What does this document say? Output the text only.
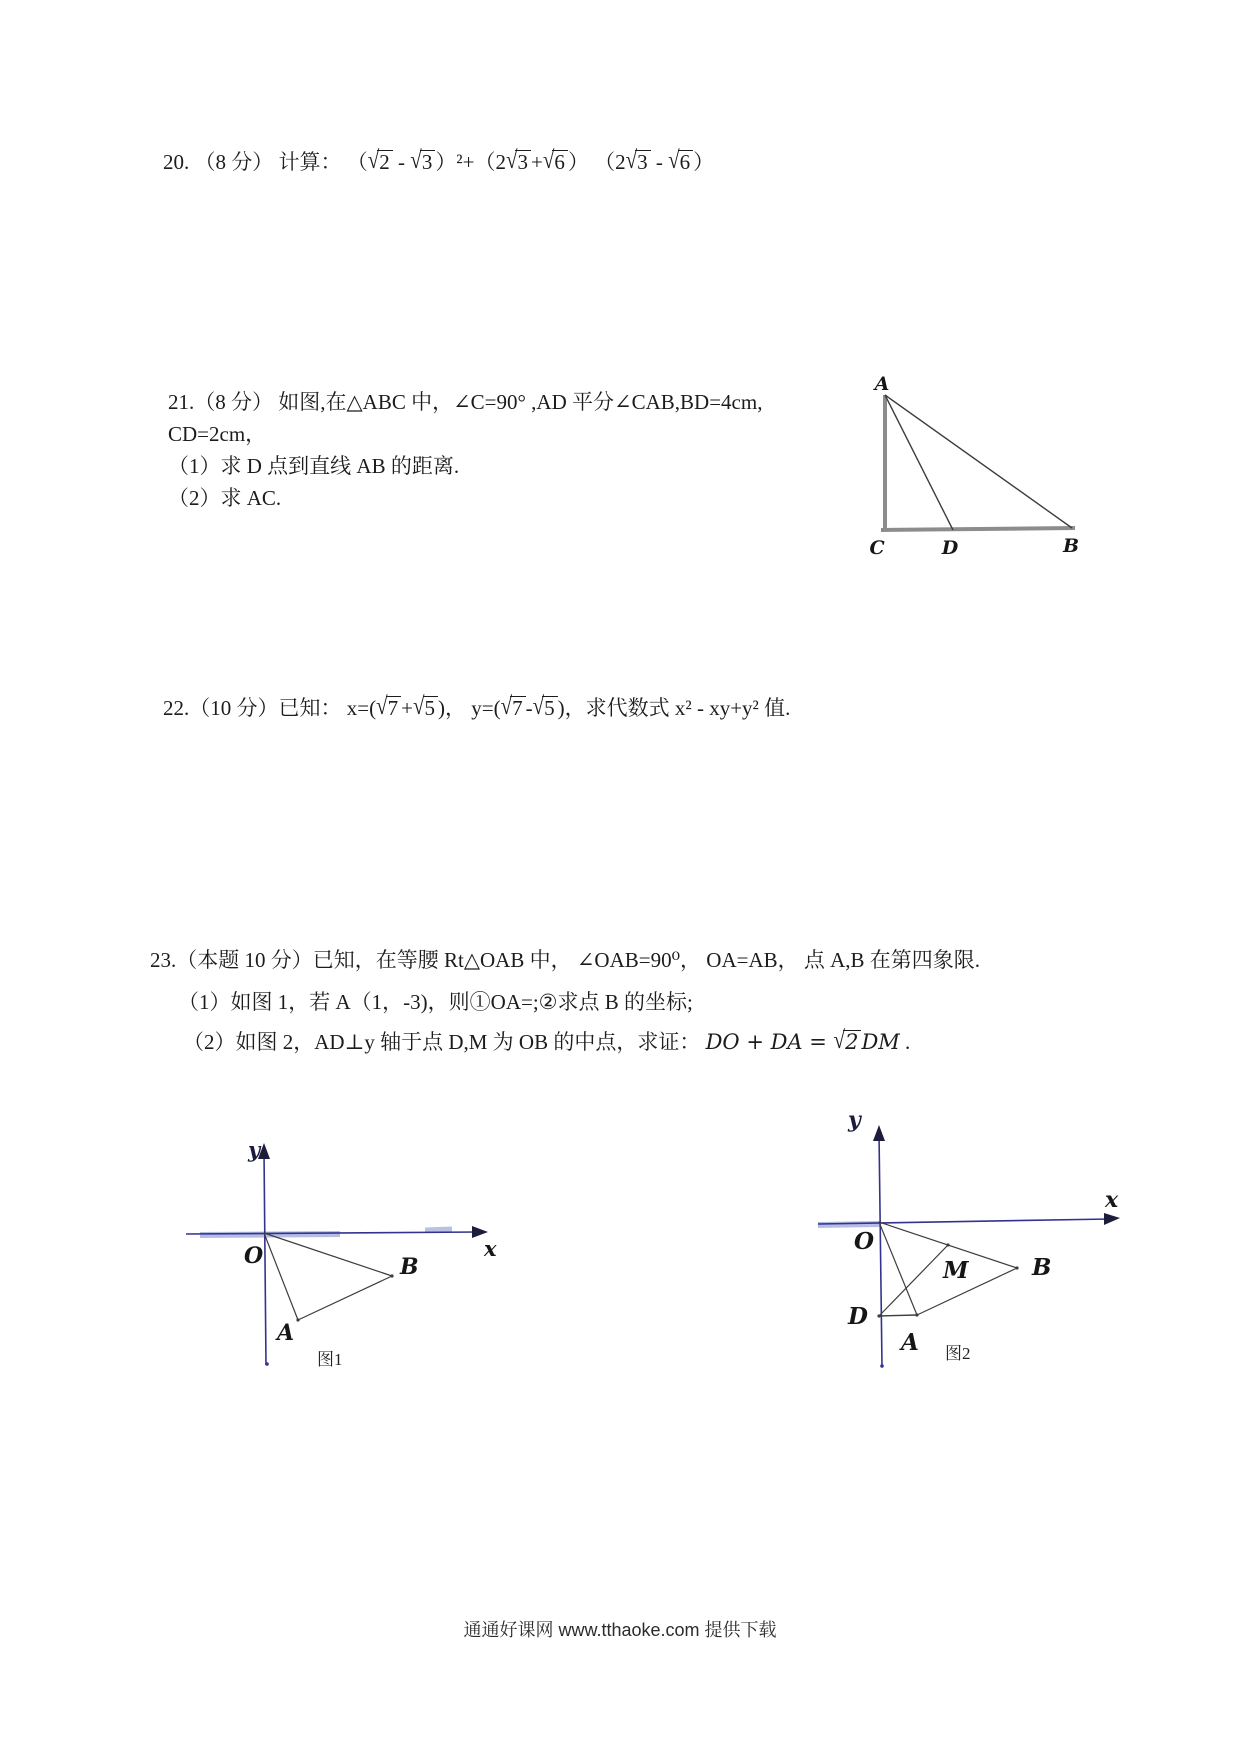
20. （8 分） 计算： （√2 - √3 ）²+（2√3 +√6 ） （2√3 - √6 ）
21.（8 分） 如图,在△ABC 中，∠C=90° ,AD 平分∠CAB,BD=4cm,
CD=2cm，
（1）求 D 点到直线 AB 的距离.
（2）求 AC.
A
C	D	B
22.（10 分）已知： x=(√7 +√5 )， y=(√7 -√5 )，求代数式 x² - xy+y² 值.
23.（本题 10 分）已知，在等腰 Rt△OAB 中， ∠OAB=90⁰， OA=AB， 点 A,B 在第四象限.
（1）如图 1，若 A（1，-3)，则①OA=;②求点 B 的坐标;
（2）如图 2，AD⊥y 轴于点 D,M 为 OB 的中点，求证： DO + DA = √2 DM .
y
x
O	B
A
图1
y
x
O
M	B
D
A 图2
通通好课网 www.tthaoke.com 提供下载
